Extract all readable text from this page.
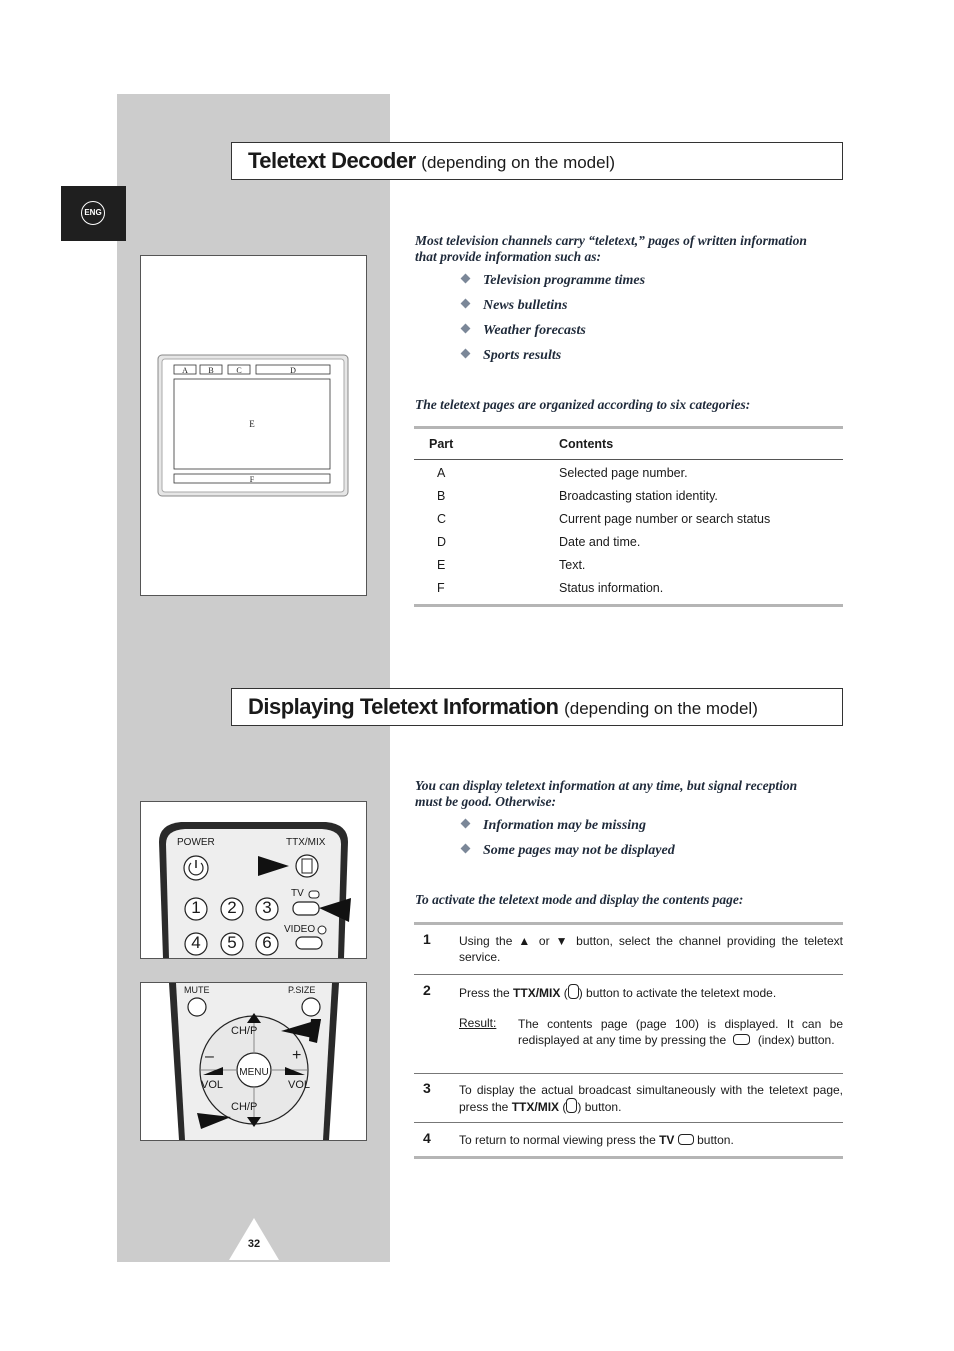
ENG
Teletext Decoder (depending on the model)
A	B	C	D
E
F
Most television channels carry “teletext,” pages of written information that provide information such as:
Television programme times
News bulletins
Weather forecasts
Sports results
The teletext pages are organized according to six categories:
Part	Contents
A	Selected page number.
B	Broadcasting station identity.
C	Current page number or search status
D	Date and time.
E	Text.
F	Status information.
Displaying Teletext Information (depending on the model)
POWER	TTX/MIX
TV
VIDEO
1	2	3
4	5	6
MUTE	P.SIZE
CH/P
CH/P
VOL	VOL
MENU
–	+
You can display teletext information at any time, but signal reception must be good. Otherwise:
Information may be missing
Some pages may not be displayed
To activate the teletext mode and display the contents page:
1 Using the ▲ or ▼ button, select the channel providing the teletext service.
2 Press the TTX/MIX ( ) button to activate the teletext mode.
Result: The contents page (page 100) is displayed. It can be redisplayed at any time by pressing the	(index) button.
3 To display the actual broadcast simultaneously with the teletext page, press the TTX/MIX ( ) button.
4 To return to normal viewing press the TV  button.
32
